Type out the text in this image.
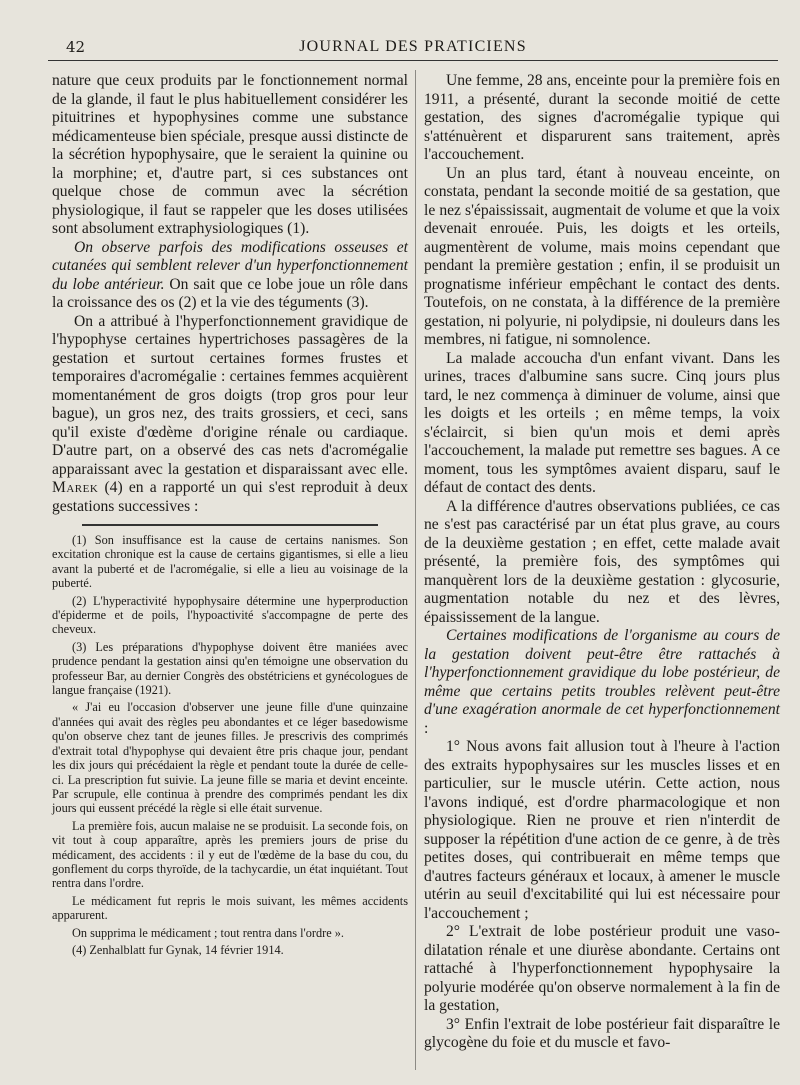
42	JOURNAL DES PRATICIENS

nature que ceux produits par le fonctionnement normal de la glande, il faut le plus habituellement considérer les pituitrines et hypophysines comme une substance médicamenteuse bien spéciale, presque aussi distincte de la sécrétion hypophysaire, que le seraient la quinine ou la morphine; et, d'autre part, si ces substances ont quelque chose de commun avec la sécrétion physiologique, il faut se rappeler que les doses utilisées sont absolument extraphysiologiques (1).

On observe parfois des modifications osseuses et cutanées qui semblent relever d'un hyperfonctionnement du lobe antérieur. On sait que ce lobe joue un rôle dans la croissance des os (2) et la vie des téguments (3).

On a attribué à l'hyperfonctionnement gravidique de l'hypophyse certaines hypertrichoses passagères de la gestation et surtout certaines formes frustes et temporaires d'acromégalie : certaines femmes acquièrent momentanément de gros doigts (trop gros pour leur bague), un gros nez, des traits grossiers, et ceci, sans qu'il existe d'œdème d'origine rénale ou cardiaque. D'autre part, on a observé des cas nets d'acromégalie apparaissant avec la gestation et disparaissant avec elle. Marek (4) en a rapporté un qui s'est reproduit à deux gestations successives :

(1) Son insuffisance est la cause de certains nanismes. Son excitation chronique est la cause de certains gigantismes, si elle a lieu avant la puberté et de l'acromégalie, si elle a lieu au voisinage de la puberté.

(2) L'hyperactivité hypophysaire détermine une hyperproduction d'épiderme et de poils, l'hypoactivité s'accompagne de perte des cheveux.

(3) Les préparations d'hypophyse doivent être maniées avec prudence pendant la gestation ainsi qu'en témoigne une observation du professeur Bar, au dernier Congrès des obstétriciens et gynécologues de langue française (1921).

« J'ai eu l'occasion d'observer une jeune fille d'une quinzaine d'années qui avait des règles peu abondantes et ce léger basedowisme qu'on observe chez tant de jeunes filles. Je prescrivis des comprimés d'extrait total d'hypophyse qui devaient être pris chaque jour, pendant les dix jours qui précédaient la règle et pendant toute la durée de celle-ci. La prescription fut suivie. La jeune fille se maria et devint enceinte. Par scrupule, elle continua à prendre des comprimés pendant les dix jours qui eussent précédé la règle si elle était survenue.

La première fois, aucun malaise ne se produisit. La seconde fois, on vit tout à coup apparaître, après les premiers jours de prise du médicament, des accidents : il y eut de l'œdème de la base du cou, du gonflement du corps thyroïde, de la tachycardie, un état inquiétant. Tout rentra dans l'ordre.

Le médicament fut repris le mois suivant, les mêmes accidents apparurent.

On supprima le médicament ; tout rentra dans l'ordre ».

(4) Zenhalblatt fur Gynak, 14 février 1914.

Une femme, 28 ans, enceinte pour la première fois en 1911, a présenté, durant la seconde moitié de cette gestation, des signes d'acromégalie typique qui s'atténuèrent et disparurent sans traitement, après l'accouchement.

Un an plus tard, étant à nouveau enceinte, on constata, pendant la seconde moitié de sa gestation, que le nez s'épaississait, augmentait de volume et que la voix devenait enrouée. Puis, les doigts et les orteils, augmentèrent de volume, mais moins cependant que pendant la première gestation ; enfin, il se produisit un prognatisme inférieur empêchant le contact des dents. Toutefois, on ne constata, à la différence de la première gestation, ni polyurie, ni polydipsie, ni douleurs dans les membres, ni fatigue, ni somnolence.

La malade accoucha d'un enfant vivant. Dans les urines, traces d'albumine sans sucre. Cinq jours plus tard, le nez commença à diminuer de volume, ainsi que les doigts et les orteils ; en même temps, la voix s'éclaircit, si bien qu'un mois et demi après l'accouchement, la malade put remettre ses bagues. A ce moment, tous les symptômes avaient disparu, sauf le défaut de contact des dents.

A la différence d'autres observations publiées, ce cas ne s'est pas caractérisé par un état plus grave, au cours de la deuxième gestation ; en effet, cette malade avait présenté, la première fois, des symptômes qui manquèrent lors de la deuxième gestation : glycosurie, augmentation notable du nez et des lèvres, épaississement de la langue.

Certaines modifications de l'organisme au cours de la gestation doivent peut-être être rattachés à l'hyperfonctionnement gravidique du lobe postérieur, de même que certains petits troubles relèvent peut-être d'une exagération anormale de cet hyperfonctionnement :

1° Nous avons fait allusion tout à l'heure à l'action des extraits hypophysaires sur les muscles lisses et en particulier, sur le muscle utérin. Cette action, nous l'avons indiqué, est d'ordre pharmacologique et non physiologique. Rien ne prouve et rien n'interdit de supposer la répétition d'une action de ce genre, à de très petites doses, qui contribuerait en même temps que d'autres facteurs généraux et locaux, à amener le muscle utérin au seuil d'excitabilité qui lui est nécessaire pour l'accouchement ;

2° L'extrait de lobe postérieur produit une vaso-dilatation rénale et une diurèse abondante. Certains ont rattaché à l'hyperfonctionnement hypophysaire la polyurie modérée qu'on observe normalement à la fin de la gestation,

3° Enfin l'extrait de lobe postérieur fait disparaître le glycogène du foie et du muscle et favo-
